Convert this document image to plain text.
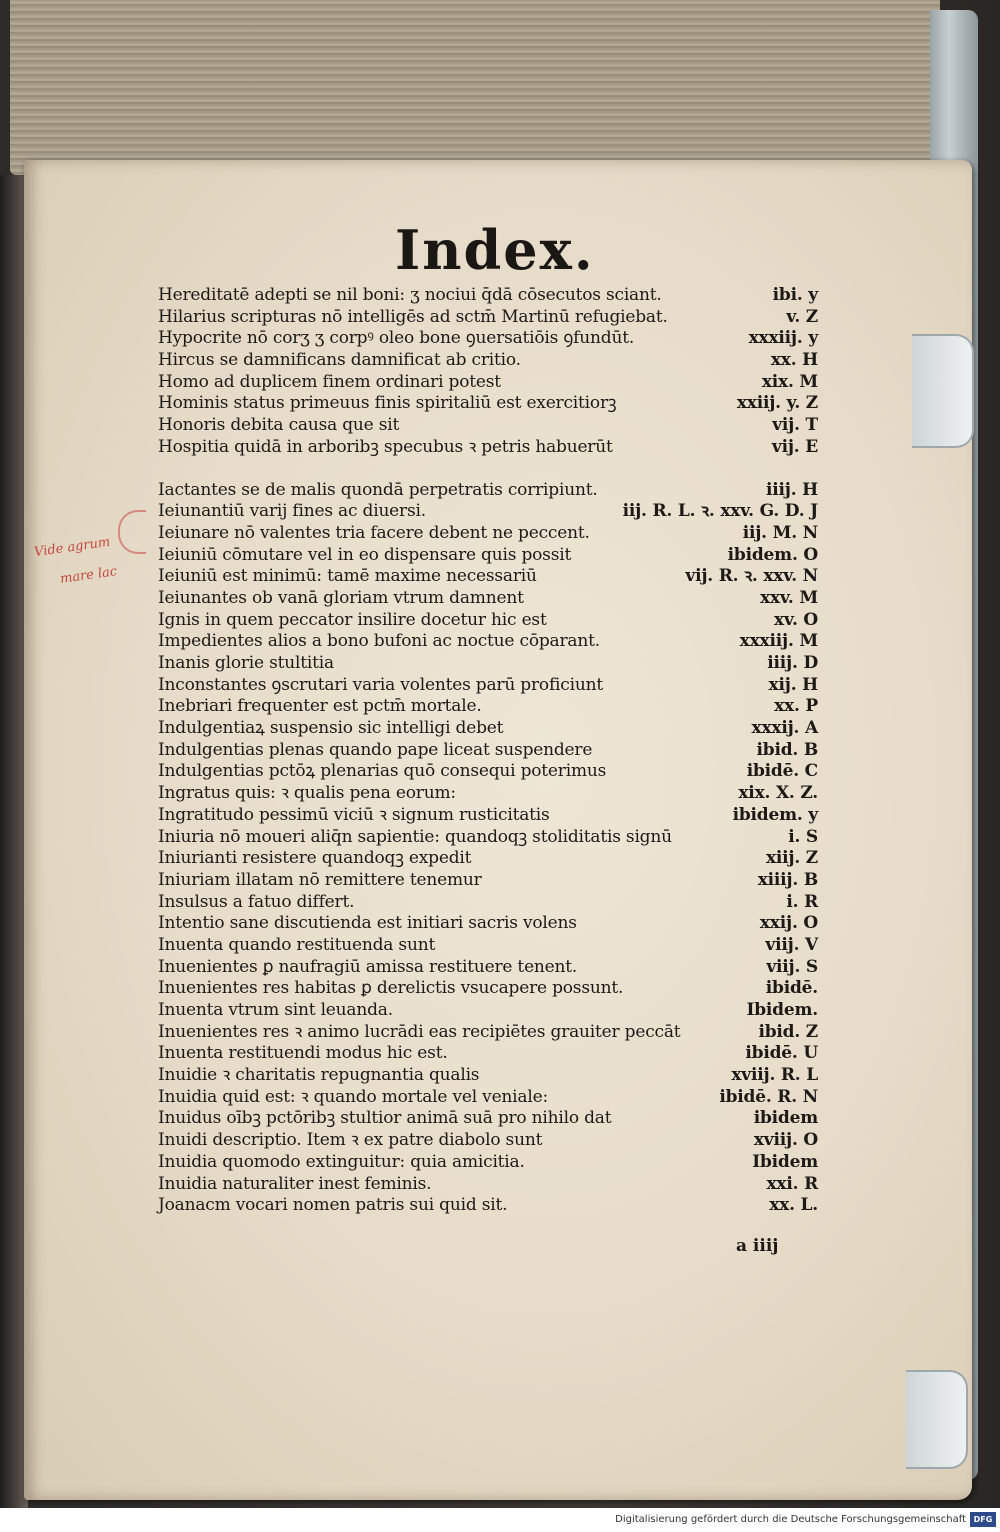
Index.
Vide agrum
mare lac
Hereditatē adepti se nil boni: ʒ nociui q̄dā cōsecutos sciant.	ibi. y
Hilarius scripturas nō intelligēs ad sctm̄ Martinū refugiebat.	v. Z
Hypocrite nō corʒ ʒ corpꝰ oleo bone ꝯuersatiōis ꝯfundūt.	xxxiij. y
Hircus se damnificans damnificat ab critio.	xx. H
Homo ad duplicem finem ordinari potest	xix. M
Hominis status primeuus finis spiritaliū est exercitiorꝫ	xxiij. y. Z
Honoris debita causa que sit	vij. T
Hospitia quidā in arboribꝫ specubus ꝛ petris habuerūt	vij. E
Iactantes se de malis quondā perpetratis corripiunt.	iiij. H
Ieiunantiū varij fines ac diuersi.	iij. R. L. ꝛ. xxv. G. D. J
Ieiunare nō valentes tria facere debent ne peccent.	iij. M. N
Ieiuniū cōmutare vel in eo dispensare quis possit	ibidem. O
Ieiuniū est minimū: tamē maxime necessariū	vij. R. ꝛ. xxv. N
Ieiunantes ob vanā gloriam vtrum damnent	xxv. M
Ignis in quem peccator insilire docetur hic est	xv. O
Impedientes alios a bono bufoni ac noctue cōparant.	xxxiij. M
Inanis glorie stultitia	iiij. D
Inconstantes ꝯscrutari varia volentes parū proficiunt	xij. H
Inebriari frequenter est pctm̄ mortale.	xx. P
Indulgentiaꝝ suspensio sic intelligi debet	xxxij. A
Indulgentias plenas quando pape liceat suspendere	ibid. B
Indulgentias pctōꝝ plenarias quō consequi poterimus	ibidē. C
Ingratus quis: ꝛ qualis pena eorum:	xix. X. Z.
Ingratitudo pessimū viciū ꝛ signum rusticitatis	ibidem. y
Iniuria nō moueri aliq̄n sapientie: quandoqꝫ stoliditatis signū	i. S
Iniurianti resistere quandoqꝫ expedit	xiij. Z
Iniuriam illatam nō remittere tenemur	xiiij. B
Insulsus a fatuo differt.	i. R
Intentio sane discutienda est initiari sacris volens	xxij. O
Inuenta quando restituenda sunt	viij. V
Inuenientes ꝑ naufragiū amissa restituere tenent.	viij. S
Inuenientes res habitas ꝑ derelictis vsucapere possunt.	ibidē.
Inuenta vtrum sint leuanda.	Ibidem.
Inuenientes res ꝛ animo lucrādi eas recipiētes grauiter peccāt	ibid. Z
Inuenta restituendi modus hic est.	ibidē. U
Inuidie ꝛ charitatis repugnantia qualis	xviij. R. L
Inuidia quid est: ꝛ quando mortale vel veniale:	ibidē. R. N
Inuidus oībꝫ pctōribꝫ stultior animā suā pro nihilo dat	ibidem
Inuidi descriptio. Item ꝛ ex patre diabolo sunt	xviij. O
Inuidia quomodo extinguitur: quia amicitia.	Ibidem
Inuidia naturaliter inest feminis.	xxi. R
Joanacm vocari nomen patris sui quid sit.	xx. L.
a iiij
Digitalisierung gefördert durch die Deutsche Forschungsgemeinschaft DFG
